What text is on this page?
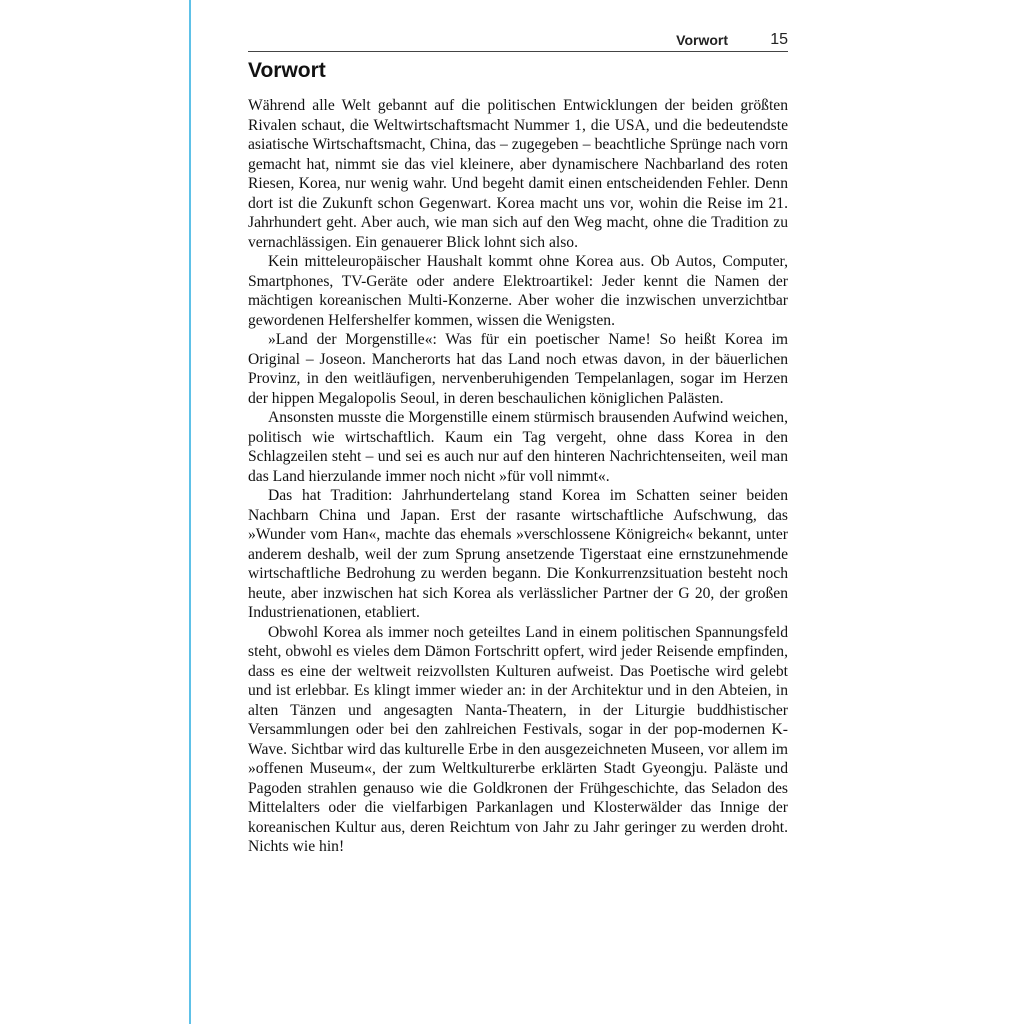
Vorwort	15
Vorwort

Während alle Welt gebannt auf die politischen Entwicklungen der beiden größten Rivalen schaut, die Weltwirtschaftsmacht Nummer 1, die USA, und die bedeutendste asiatische Wirtschaftsmacht, China, das – zugegeben – beachtliche Sprünge nach vorn gemacht hat, nimmt sie das viel kleinere, aber dynamischere Nachbarland des roten Riesen, Korea, nur wenig wahr. Und begeht damit einen entscheidenden Fehler. Denn dort ist die Zukunft schon Gegenwart. Korea macht uns vor, wohin die Reise im 21. Jahrhundert geht. Aber auch, wie man sich auf den Weg macht, ohne die Tradition zu vernachlässigen. Ein genauerer Blick lohnt sich also.

Kein mitteleuropäischer Haushalt kommt ohne Korea aus. Ob Autos, Computer, Smartphones, TV-Geräte oder andere Elektroartikel: Jeder kennt die Namen der mächtigen koreanischen Multi-Konzerne. Aber woher die inzwischen unverzichtbar gewordenen Helfershelfer kommen, wissen die Wenigsten.

»Land der Morgenstille«: Was für ein poetischer Name! So heißt Korea im Original – Joseon. Mancherorts hat das Land noch etwas davon, in der bäuerlichen Provinz, in den weitläufigen, nervenberuhigenden Tempelanlagen, sogar im Herzen der hippen Megalopolis Seoul, in deren beschaulichen königlichen Palästen.

Ansonsten musste die Morgenstille einem stürmisch brausenden Aufwind weichen, politisch wie wirtschaftlich. Kaum ein Tag vergeht, ohne dass Korea in den Schlagzeilen steht – und sei es auch nur auf den hinteren Nachrichtenseiten, weil man das Land hierzulande immer noch nicht »für voll nimmt«.

Das hat Tradition: Jahrhundertelang stand Korea im Schatten seiner beiden Nachbarn China und Japan. Erst der rasante wirtschaftliche Aufschwung, das »Wunder vom Han«, machte das ehemals »verschlossene Königreich« bekannt, unter anderem deshalb, weil der zum Sprung ansetzende Tigerstaat eine ernstzunehmende wirtschaftliche Bedrohung zu werden begann. Die Konkurrenzsituation besteht noch heute, aber inzwischen hat sich Korea als verlässlicher Partner der G 20, der großen Industrienationen, etabliert.

Obwohl Korea als immer noch geteiltes Land in einem politischen Spannungsfeld steht, obwohl es vieles dem Dämon Fortschritt opfert, wird jeder Reisende empfinden, dass es eine der weltweit reizvollsten Kulturen aufweist. Das Poetische wird gelebt und ist erlebbar. Es klingt immer wieder an: in der Architektur und in den Abteien, in alten Tänzen und angesagten Nanta-Theatern, in der Liturgie buddhistischer Versammlungen oder bei den zahlreichen Festivals, sogar in der pop-modernen K-Wave. Sichtbar wird das kulturelle Erbe in den ausgezeichneten Museen, vor allem im »offenen Museum«, der zum Weltkulturerbe erklärten Stadt Gyeongju. Paläste und Pagoden strahlen genauso wie die Goldkronen der Frühgeschichte, das Seladon des Mittelalters oder die vielfarbigen Parkanlagen und Klosterwälder das Innige der koreanischen Kultur aus, deren Reichtum von Jahr zu Jahr geringer zu werden droht. Nichts wie hin!
